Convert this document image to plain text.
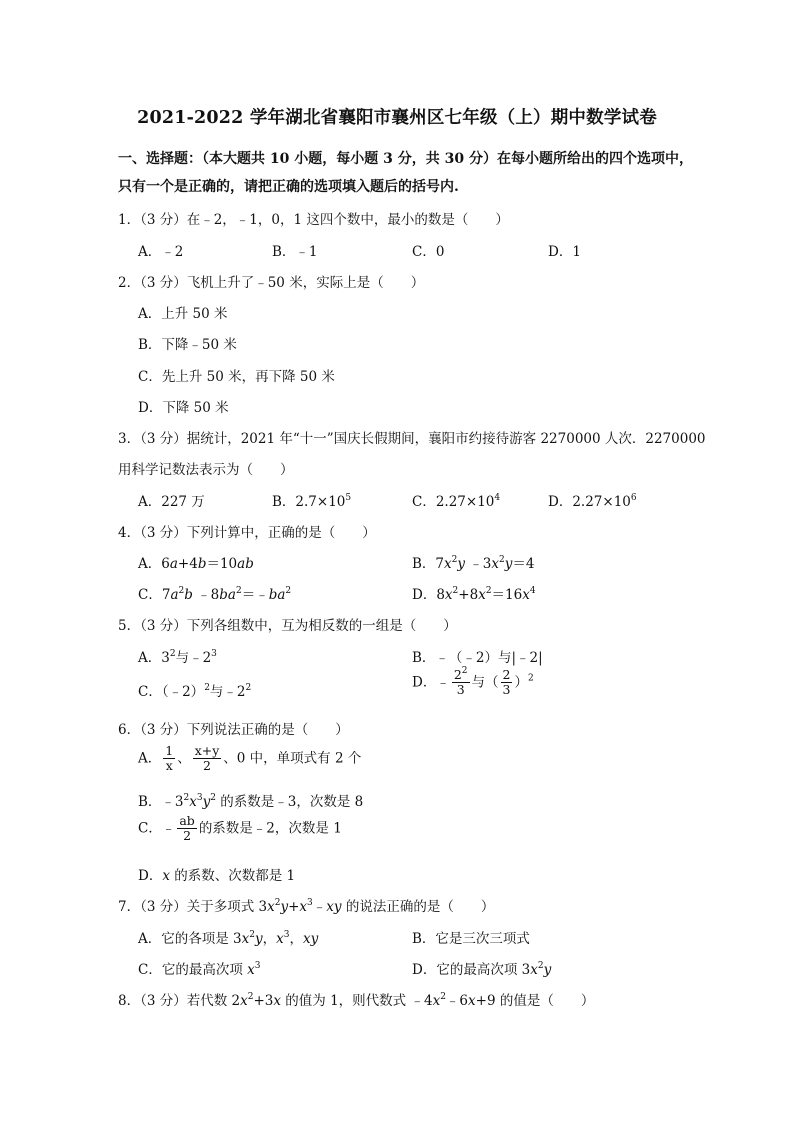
2021-2022 学年湖北省襄阳市襄州区七年级（上）期中数学试卷
一、选择题：（本大题共 10 小题，每小题 3 分，共 30 分）在每小题所给出的四个选项中，
只有一个是正确的，请把正确的选项填入题后的括号内.
1．（3 分）在﹣2，﹣1，0，1 这四个数中，最小的数是（　　）
A．﹣2	B．﹣1	C．0	D．1
2．（3 分）飞机上升了﹣50 米，实际上是（　　）
A．上升 50 米
B．下降﹣50 米
C．先上升 50 米，再下降 50 米
D．下降 50 米
3．（3 分）据统计，2021 年“十一”国庆长假期间，襄阳市约接待游客 2270000 人次．2270000
用科学记数法表示为（　　）
A．227 万	B．$2.7\times 10^5$	C．$2.27\times 10^4$	D．$2.27\times 10^6$
4．（3 分）下列计算中，正确的是（　　）
A．6a+4b＝10ab	B．$7x^2y$ $﹣3x^2y=4$
C．$7a^2b$ $﹣8ba^2=﹣ba^2$	D．$8x^2+8x^2=16x^4$
5．（3 分）下列各组数中，互为相反数的一组是（　　）
A．$3^2$与$﹣2^3$	B．﹣（﹣2）与|﹣2|
C．（﹣2）$^2$与$﹣2^2$	D．﹣ $\frac{2^2}{3}$ 与（ $\frac{2}{3} )^2$
6．（3 分）下列说法正确的是（　　）
A． $\frac{1}{x}$ 、 $\frac{x+y}{2}$ 、0 中，单项式有 2 个
B．$﹣3^2x^3y^2$ 的系数是﹣3，次数是 8
C．﹣ $\frac{ab}{2}$ 的系数是﹣2，次数是 1
D．x 的系数、次数都是 1
7．（3 分）关于多项式 $3x^2y+x^3﹣xy$ 的说法正确的是（　　）
A．它的各项是 $3x^2y$，$x^3$，xy	B．它是三次三项式
C．它的最高次项 $x^3$	D．它的最高次项 $3x^2y$
8．（3 分）若代数 $2x^2+3x$ 的值为 1，则代数式 $﹣4x^2﹣6x+9$ 的值是（　　）
